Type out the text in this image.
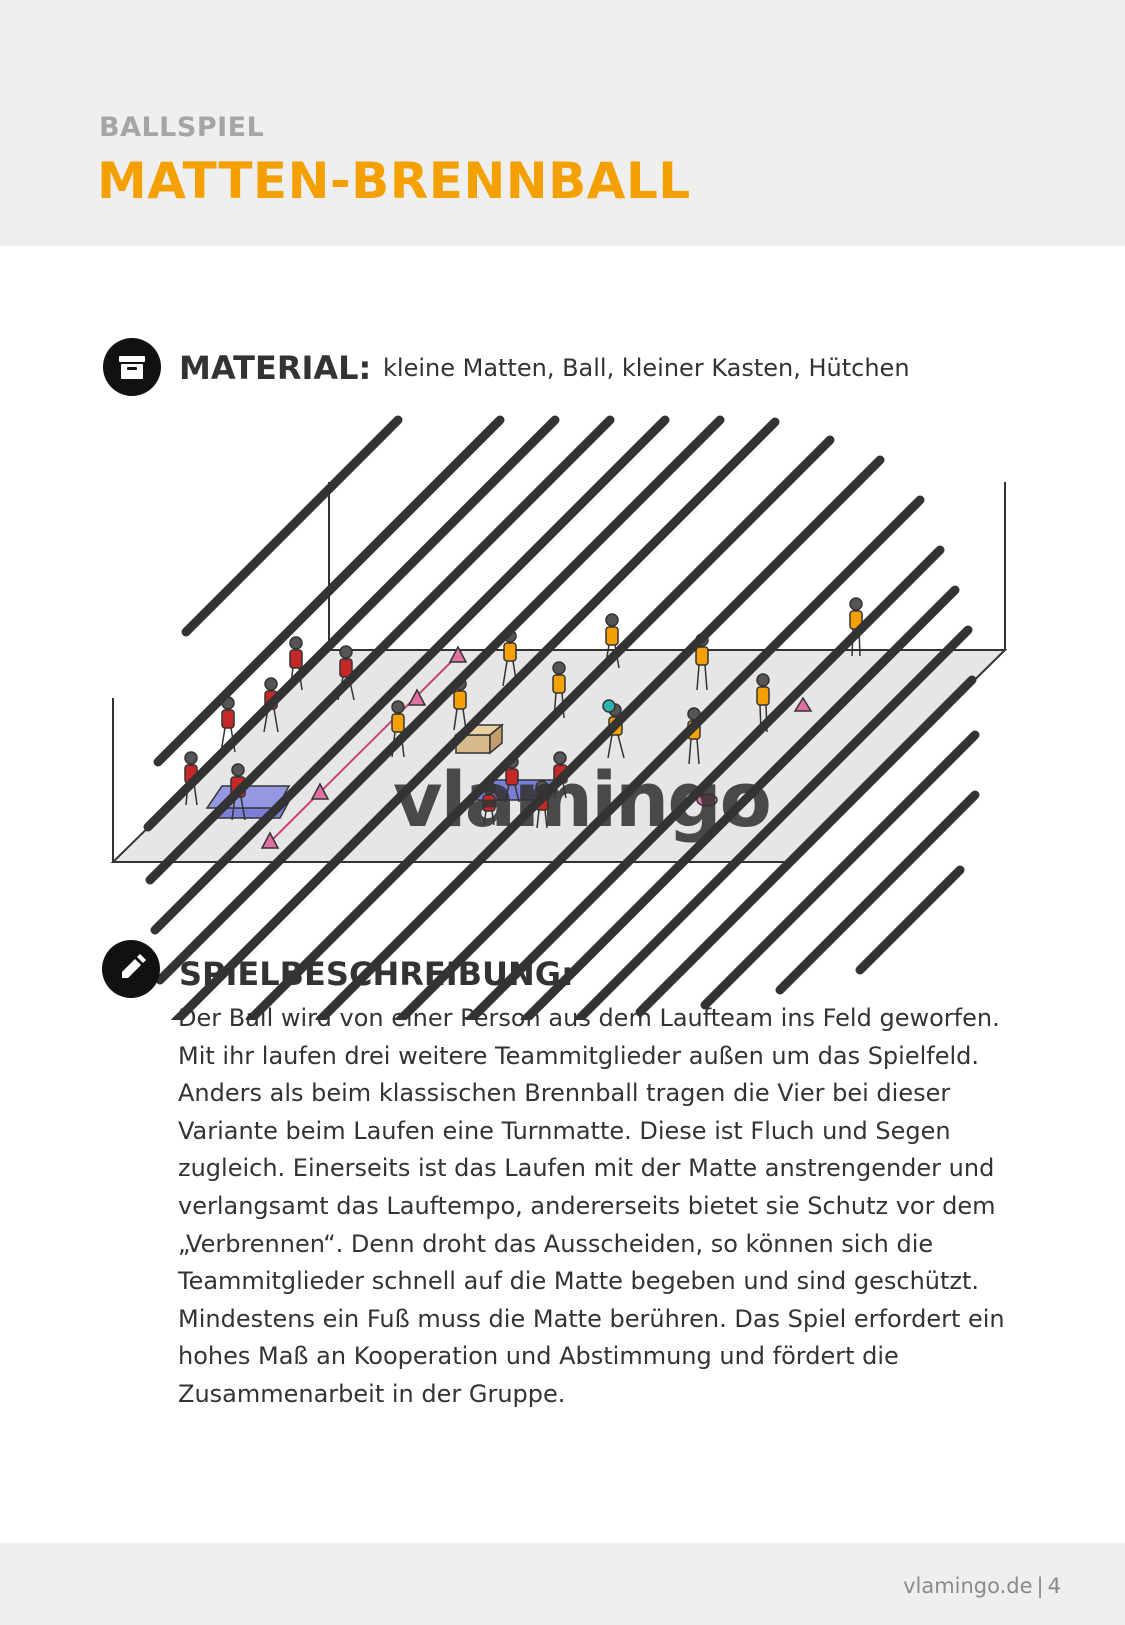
BALLSPIEL
MATTEN-BRENNBALL
MATERIAL: kleine Matten, Ball, kleiner Kasten, Hütchen
vlamingo
SPIELBESCHREIBUNG:

Der Ball wird von einer Person aus dem Laufteam ins Feld geworfen. Mit ihr laufen drei weitere Teammitglieder außen um das Spielfeld. Anders als beim klassischen Brennball tragen die Vier bei dieser Variante beim Laufen eine Turnmatte. Diese ist Fluch und Segen zugleich. Einerseits ist das Laufen mit der Matte anstrengender und verlangsamt das Lauftempo, andererseits bietet sie Schutz vor dem „Verbrennen“. Denn droht das Ausscheiden, so können sich die Teammitglieder schnell auf die Matte begeben und sind geschützt. Mindestens ein Fuß muss die Matte berühren. Das Spiel erfordert ein hohes Maß an Kooperation und Abstimmung und fördert die Zusammenarbeit in der Gruppe.

vlamingo.de | 4
